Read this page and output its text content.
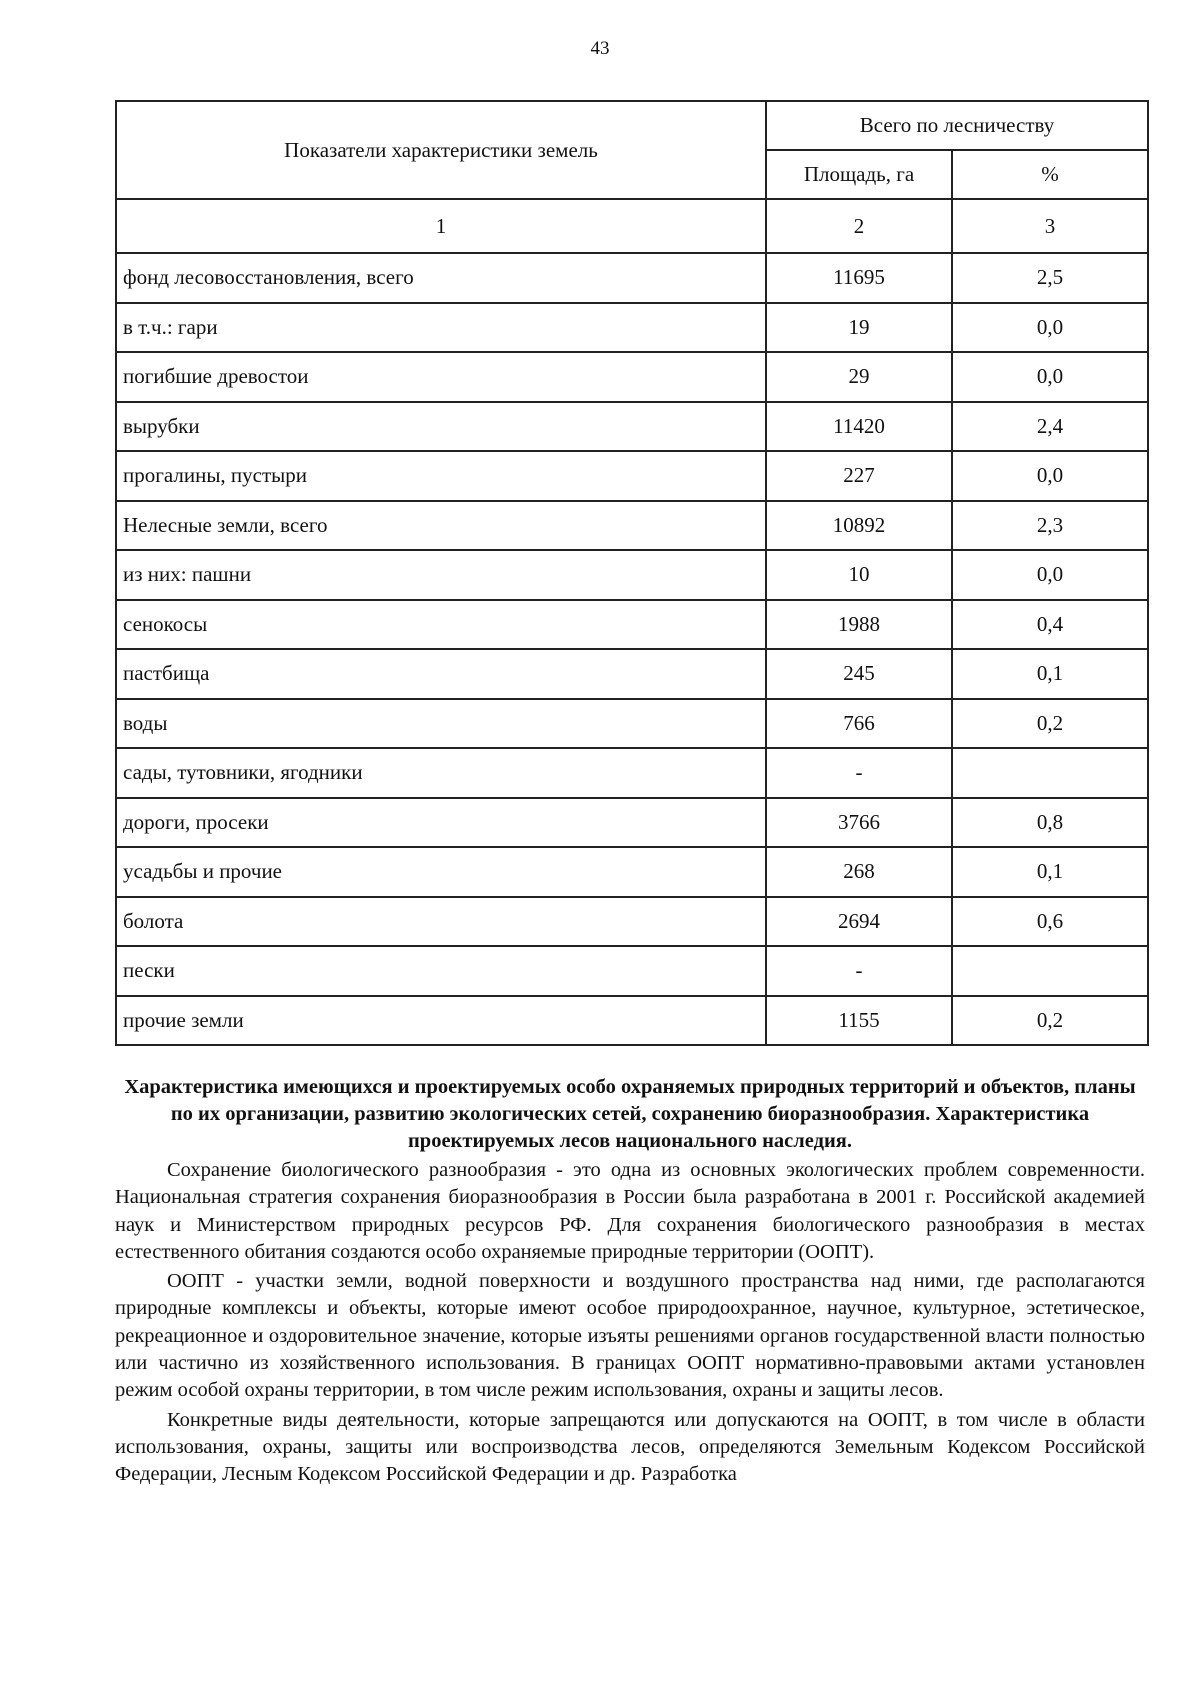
43
Показатели характеристики земель	Всего по лесничеству	
	Площадь, га	%
1	2	3
фонд лесовосстановления, всего	11695	2,5
в т.ч.: гари	19	0,0
погибшие древостои	29	0,0
вырубки	11420	2,4
прогалины, пустыри	227	0,0
Нелесные земли, всего	10892	2,3
из них: пашни	10	0,0
сенокосы	1988	0,4
пастбища	245	0,1
воды	766	0,2
сады, тутовники, ягодники	-	
дороги, просеки	3766	0,8
усадьбы и прочие	268	0,1
болота	2694	0,6
пески	-	
прочие земли	1155	0,2

Характеристика имеющихся и проектируемых особо охраняемых природных территорий и объектов, планы по их организации, развитию экологических сетей, сохранению биоразнообразия. Характеристика проектируемых лесов национального наследия.

Сохранение биологического разнообразия - это одна из основных экологических проблем современности. Национальная стратегия сохранения биоразнообразия в России была разработана в 2001 г. Российской академией наук и Министерством природных ресурсов РФ. Для сохранения биологического разнообразия в местах естественного обитания создаются особо охраняемые природные территории (ООПТ).

ООПТ - участки земли, водной поверхности и воздушного пространства над ними, где располагаются природные комплексы и объекты, которые имеют особое природоохранное, научное, культурное, эстетическое, рекреационное и оздоровительное значение, которые изъяты решениями органов государственной власти полностью или частично из хозяйственного использования. В границах ООПТ нормативно-правовыми актами установлен режим особой охраны территории, в том числе режим использования, охраны и защиты лесов.

Конкретные виды деятельности, которые запрещаются или допускаются на ООПТ, в том числе в области использования, охраны, защиты или воспроизводства лесов, определяются Земельным Кодексом Российской Федерации, Лесным Кодексом Российской Федерации и др. Разработка
